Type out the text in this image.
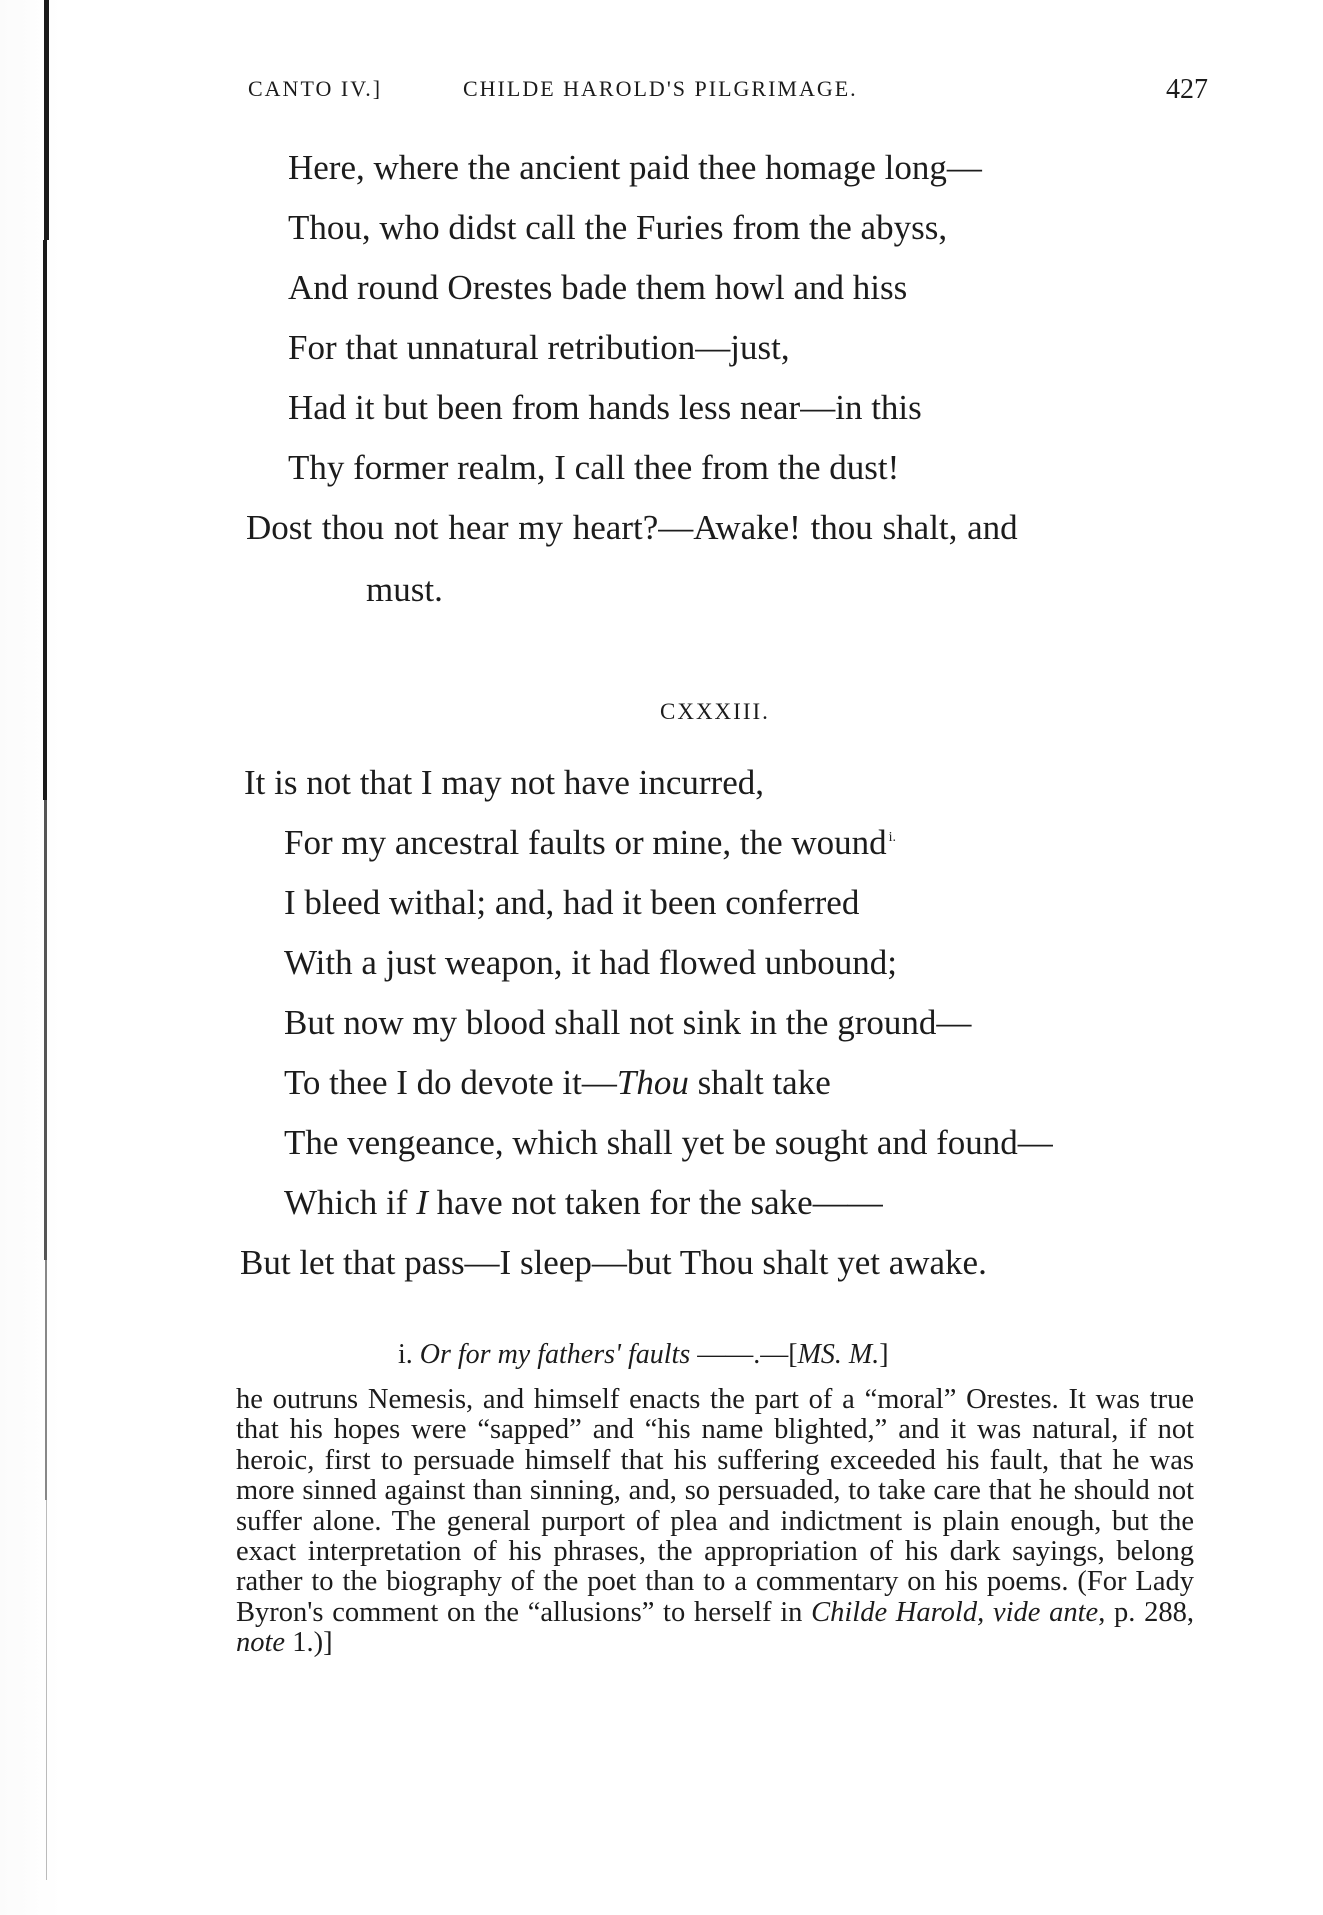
CANTO IV.]	CHILDE HAROLD'S PILGRIMAGE.	427
Here, where the ancient paid thee homage long—
Thou, who didst call the Furies from the abyss,
And round Orestes bade them howl and hiss
For that unnatural retribution—just,
Had it but been from hands less near—in this
Thy former realm, I call thee from the dust!
Dost thou not hear my heart?—Awake! thou shalt, and
must.
CXXXIII.
It is not that I may not have incurred,
For my ancestral faults or mine, the wound $^{i.}$
I bleed withal; and, had it been conferred
With a just weapon, it had flowed unbound;
But now my blood shall not sink in the ground—
To thee I do devote it—Thou shalt take
The vengeance, which shall yet be sought and found—
Which if I have not taken for the sake——
But let that pass—I sleep—but Thou shalt yet awake.
i. Or for my fathers' faults ——.—[MS. M.]

he outruns Nemesis, and himself enacts the part of a “moral” Orestes. It was true that his hopes were “sapped” and “his name blighted,” and it was natural, if not heroic, first to persuade himself that his suffering exceeded his fault, that he was more sinned against than sinning, and, so persuaded, to take care that he should not suffer alone. The general purport of plea and indictment is plain enough, but the exact interpretation of his phrases, the appropriation of his dark sayings, belong rather to the biography of the poet than to a commentary on his poems. (For Lady Byron's comment on the “allusions” to herself in Childe Harold, vide ante, p. 288, note 1.)]
